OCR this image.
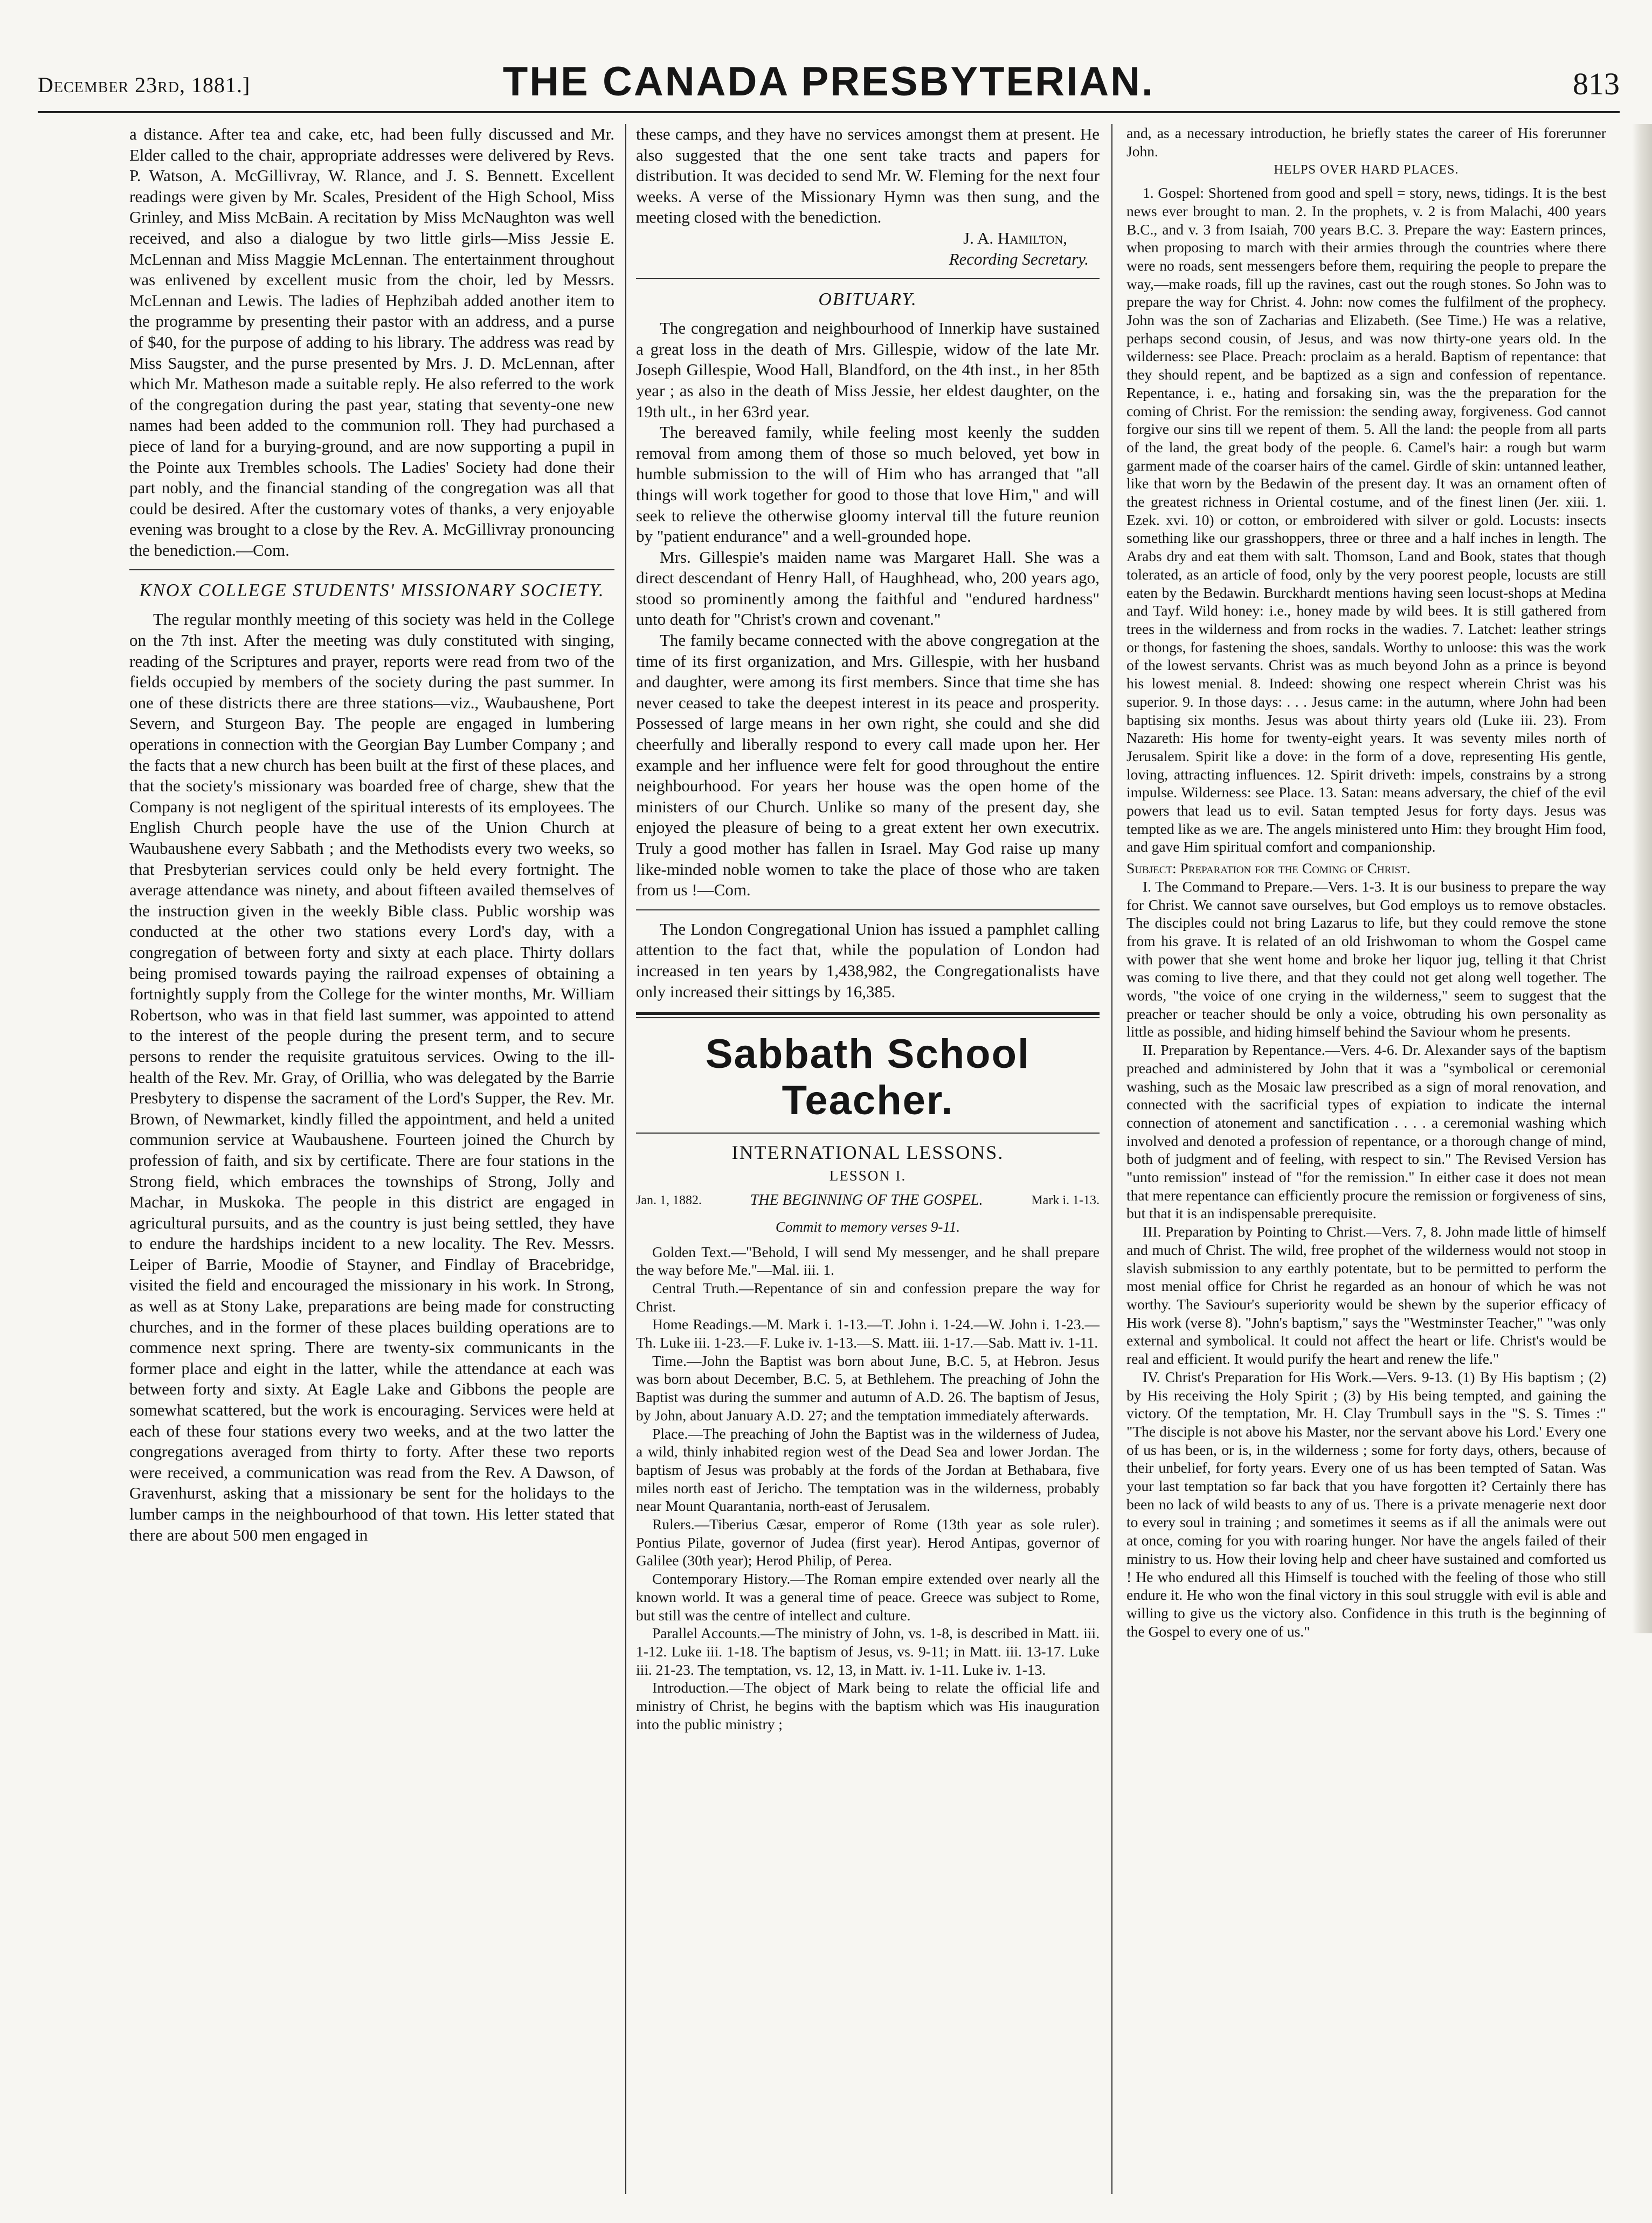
December 23rd, 1881.]	THE CANADA PRESBYTERIAN.	813

a distance. After tea and cake, etc, had been fully discussed and Mr. Elder called to the chair, appropriate addresses were delivered by Revs. P. Watson, A. McGillivray, W. Rlance, and J. S. Bennett. Excellent readings were given by Mr. Scales, President of the High School, Miss Grinley, and Miss McBain. A recitation by Miss McNaughton was well received, and also a dialogue by two little girls—Miss Jessie E. McLennan and Miss Maggie McLennan. The entertainment throughout was enlivened by excellent music from the choir, led by Messrs. McLennan and Lewis. The ladies of Hephzibah added another item to the programme by presenting their pastor with an address, and a purse of $40, for the purpose of adding to his library. The address was read by Miss Saugster, and the purse presented by Mrs. J. D. McLennan, after which Mr. Matheson made a suitable reply. He also referred to the work of the congregation during the past year, stating that seventy-one new names had been added to the communion roll. They had purchased a piece of land for a burying-ground, and are now supporting a pupil in the Pointe aux Trembles schools. The Ladies' Society had done their part nobly, and the financial standing of the congregation was all that could be desired. After the customary votes of thanks, a very enjoyable evening was brought to a close by the Rev. A. McGillivray pronouncing the benediction.—Com.

KNOX COLLEGE STUDENTS' MISSIONARY SOCIETY.

The regular monthly meeting of this society was held in the College on the 7th inst. After the meeting was duly constituted with singing, reading of the Scriptures and prayer, reports were read from two of the fields occupied by members of the society during the past summer. In one of these districts there are three stations—viz., Waubaushene, Port Severn, and Sturgeon Bay. The people are engaged in lumbering operations in connection with the Georgian Bay Lumber Company ; and the facts that a new church has been built at the first of these places, and that the society's missionary was boarded free of charge, shew that the Company is not negligent of the spiritual interests of its employees. The English Church people have the use of the Union Church at Waubaushene every Sabbath ; and the Methodists every two weeks, so that Presbyterian services could only be held every fortnight. The average attendance was ninety, and about fifteen availed themselves of the instruction given in the weekly Bible class. Public worship was conducted at the other two stations every Lord's day, with a congregation of between forty and sixty at each place. Thirty dollars being promised towards paying the railroad expenses of obtaining a fortnightly supply from the College for the winter months, Mr. William Robertson, who was in that field last summer, was appointed to attend to the interest of the people during the present term, and to secure persons to render the requisite gratuitous services. Owing to the ill-health of the Rev. Mr. Gray, of Orillia, who was delegated by the Barrie Presbytery to dispense the sacrament of the Lord's Supper, the Rev. Mr. Brown, of Newmarket, kindly filled the appointment, and held a united communion service at Waubaushene. Fourteen joined the Church by profession of faith, and six by certificate. There are four stations in the Strong field, which embraces the townships of Strong, Jolly and Machar, in Muskoka. The people in this district are engaged in agricultural pursuits, and as the country is just being settled, they have to endure the hardships incident to a new locality. The Rev. Messrs. Leiper of Barrie, Moodie of Stayner, and Findlay of Bracebridge, visited the field and encouraged the missionary in his work. In Strong, as well as at Stony Lake, preparations are being made for constructing churches, and in the former of these places building operations are to commence next spring. There are twenty-six communicants in the former place and eight in the latter, while the attendance at each was between forty and sixty. At Eagle Lake and Gibbons the people are somewhat scattered, but the work is encouraging. Services were held at each of these four stations every two weeks, and at the two latter the congregations averaged from thirty to forty. After these two reports were received, a communication was read from the Rev. A Dawson, of Gravenhurst, asking that a missionary be sent for the holidays to the lumber camps in the neighbourhood of that town. His letter stated that there are about 500 men engaged in

these camps, and they have no services amongst them at present. He also suggested that the one sent take tracts and papers for distribution. It was decided to send Mr. W. Fleming for the next four weeks. A verse of the Missionary Hymn was then sung, and the meeting closed with the benediction.

J. A. Hamilton,
Recording Secretary.
OBITUARY.

The congregation and neighbourhood of Innerkip have sustained a great loss in the death of Mrs. Gillespie, widow of the late Mr. Joseph Gillespie, Wood Hall, Blandford, on the 4th inst., in her 85th year ; as also in the death of Miss Jessie, her eldest daughter, on the 19th ult., in her 63rd year.

The bereaved family, while feeling most keenly the sudden removal from among them of those so much beloved, yet bow in humble submission to the will of Him who has arranged that "all things will work together for good to those that love Him," and will seek to relieve the otherwise gloomy interval till the future reunion by "patient endurance" and a well-grounded hope.

Mrs. Gillespie's maiden name was Margaret Hall. She was a direct descendant of Henry Hall, of Haughhead, who, 200 years ago, stood so prominently among the faithful and "endured hardness" unto death for "Christ's crown and covenant."

The family became connected with the above congregation at the time of its first organization, and Mrs. Gillespie, with her husband and daughter, were among its first members. Since that time she has never ceased to take the deepest interest in its peace and prosperity. Possessed of large means in her own right, she could and she did cheerfully and liberally respond to every call made upon her. Her example and her influence were felt for good throughout the entire neighbourhood. For years her house was the open home of the ministers of our Church. Unlike so many of the present day, she enjoyed the pleasure of being to a great extent her own executrix. Truly a good mother has fallen in Israel. May God raise up many like-minded noble women to take the place of those who are taken from us !—Com.

The London Congregational Union has issued a pamphlet calling attention to the fact that, while the population of London had increased in ten years by 1,438,982, the Congregationalists have only increased their sittings by 16,385.

Sabbath School Teacher.
INTERNATIONAL LESSONS.
LESSON I.
Jan. 1, 1882.	THE BEGINNING OF THE GOSPEL.	Mark i. 1-13.
Commit to memory verses 9-11.

Golden Text.—"Behold, I will send My messenger, and he shall prepare the way before Me."—Mal. iii. 1.

Central Truth.—Repentance of sin and confession prepare the way for Christ.

Home Readings.—M. Mark i. 1-13.—T. John i. 1-24.—W. John i. 1-23.—Th. Luke iii. 1-23.—F. Luke iv. 1-13.—S. Matt. iii. 1-17.—Sab. Matt iv. 1-11.

Time.—John the Baptist was born about June, B.C. 5, at Hebron. Jesus was born about December, B.C. 5, at Bethlehem. The preaching of John the Baptist was during the summer and autumn of A.D. 26. The baptism of Jesus, by John, about January A.D. 27; and the temptation immediately afterwards.

Place.—The preaching of John the Baptist was in the wilderness of Judea, a wild, thinly inhabited region west of the Dead Sea and lower Jordan. The baptism of Jesus was probably at the fords of the Jordan at Bethabara, five miles north east of Jericho. The temptation was in the wilderness, probably near Mount Quarantania, north-east of Jerusalem.

Rulers.—Tiberius Cæsar, emperor of Rome (13th year as sole ruler). Pontius Pilate, governor of Judea (first year). Herod Antipas, governor of Galilee (30th year); Herod Philip, of Perea.

Contemporary History.—The Roman empire extended over nearly all the known world. It was a general time of peace. Greece was subject to Rome, but still was the centre of intellect and culture.

Parallel Accounts.—The ministry of John, vs. 1-8, is described in Matt. iii. 1-12. Luke iii. 1-18. The baptism of Jesus, vs. 9-11; in Matt. iii. 13-17. Luke iii. 21-23. The temptation, vs. 12, 13, in Matt. iv. 1-11. Luke iv. 1-13.

Introduction.—The object of Mark being to relate the official life and ministry of Christ, he begins with the baptism which was His inauguration into the public ministry ;

and, as a necessary introduction, he briefly states the career of His forerunner John.

HELPS OVER HARD PLACES.

1. Gospel: Shortened from good and spell = story, news, tidings. It is the best news ever brought to man. 2. In the prophets, v. 2 is from Malachi, 400 years B.C., and v. 3 from Isaiah, 700 years B.C. 3. Prepare the way: Eastern princes, when proposing to march with their armies through the countries where there were no roads, sent messengers before them, requiring the people to prepare the way,—make roads, fill up the ravines, cast out the rough stones. So John was to prepare the way for Christ. 4. John: now comes the fulfilment of the prophecy. John was the son of Zacharias and Elizabeth. (See Time.) He was a relative, perhaps second cousin, of Jesus, and was now thirty-one years old. In the wilderness: see Place. Preach: proclaim as a herald. Baptism of repentance: that they should repent, and be baptized as a sign and confession of repentance. Repentance, i. e., hating and forsaking sin, was the the preparation for the coming of Christ. For the remission: the sending away, forgiveness. God cannot forgive our sins till we repent of them. 5. All the land: the people from all parts of the land, the great body of the people. 6. Camel's hair: a rough but warm garment made of the coarser hairs of the camel. Girdle of skin: untanned leather, like that worn by the Bedawin of the present day. It was an ornament often of the greatest richness in Oriental costume, and of the finest linen (Jer. xiii. 1. Ezek. xvi. 10) or cotton, or embroidered with silver or gold. Locusts: insects something like our grasshoppers, three or three and a half inches in length. The Arabs dry and eat them with salt. Thomson, Land and Book, states that though tolerated, as an article of food, only by the very poorest people, locusts are still eaten by the Bedawin. Burckhardt mentions having seen locust-shops at Medina and Tayf. Wild honey: i.e., honey made by wild bees. It is still gathered from trees in the wilderness and from rocks in the wadies. 7. Latchet: leather strings or thongs, for fastening the shoes, sandals. Worthy to unloose: this was the work of the lowest servants. Christ was as much beyond John as a prince is beyond his lowest menial. 8. Indeed: showing one respect wherein Christ was his superior. 9. In those days: . . . Jesus came: in the autumn, where John had been baptising six months. Jesus was about thirty years old (Luke iii. 23). From Nazareth: His home for twenty-eight years. It was seventy miles north of Jerusalem. Spirit like a dove: in the form of a dove, representing His gentle, loving, attracting influences. 12. Spirit driveth: impels, constrains by a strong impulse. Wilderness: see Place. 13. Satan: means adversary, the chief of the evil powers that lead us to evil. Satan tempted Jesus for forty days. Jesus was tempted like as we are. The angels ministered unto Him: they brought Him food, and gave Him spiritual comfort and companionship.

Subject: Preparation for the Coming of Christ.

I. The Command to Prepare.—Vers. 1-3. It is our business to prepare the way for Christ. We cannot save ourselves, but God employs us to remove obstacles. The disciples could not bring Lazarus to life, but they could remove the stone from his grave. It is related of an old Irishwoman to whom the Gospel came with power that she went home and broke her liquor jug, telling it that Christ was coming to live there, and that they could not get along well together. The words, "the voice of one crying in the wilderness," seem to suggest that the preacher or teacher should be only a voice, obtruding his own personality as little as possible, and hiding himself behind the Saviour whom he presents.

II. Preparation by Repentance.—Vers. 4-6. Dr. Alexander says of the baptism preached and administered by John that it was a "symbolical or ceremonial washing, such as the Mosaic law prescribed as a sign of moral renovation, and connected with the sacrificial types of expiation to indicate the internal connection of atonement and sanctification . . . . a ceremonial washing which involved and denoted a profession of repentance, or a thorough change of mind, both of judgment and of feeling, with respect to sin." The Revised Version has "unto remission" instead of "for the remission." In either case it does not mean that mere repentance can efficiently procure the remission or forgiveness of sins, but that it is an indispensable prerequisite.

III. Preparation by Pointing to Christ.—Vers. 7, 8. John made little of himself and much of Christ. The wild, free prophet of the wilderness would not stoop in slavish submission to any earthly potentate, but to be permitted to perform the most menial office for Christ he regarded as an honour of which he was not worthy. The Saviour's superiority would be shewn by the superior efficacy of His work (verse 8). "John's baptism," says the "Westminster Teacher," "was only external and symbolical. It could not affect the heart or life. Christ's would be real and efficient. It would purify the heart and renew the life."

IV. Christ's Preparation for His Work.—Vers. 9-13. (1) By His baptism ; (2) by His receiving the Holy Spirit ; (3) by His being tempted, and gaining the victory. Of the temptation, Mr. H. Clay Trumbull says in the "S. S. Times :" "The disciple is not above his Master, nor the servant above his Lord.' Every one of us has been, or is, in the wilderness ; some for forty days, others, because of their unbelief, for forty years. Every one of us has been tempted of Satan. Was your last temptation so far back that you have forgotten it? Certainly there has been no lack of wild beasts to any of us. There is a private menagerie next door to every soul in training ; and sometimes it seems as if all the animals were out at once, coming for you with roaring hunger. Nor have the angels failed of their ministry to us. How their loving help and cheer have sustained and comforted us ! He who endured all this Himself is touched with the feeling of those who still endure it. He who won the final victory in this soul struggle with evil is able and willing to give us the victory also. Confidence in this truth is the beginning of the Gospel to every one of us."
